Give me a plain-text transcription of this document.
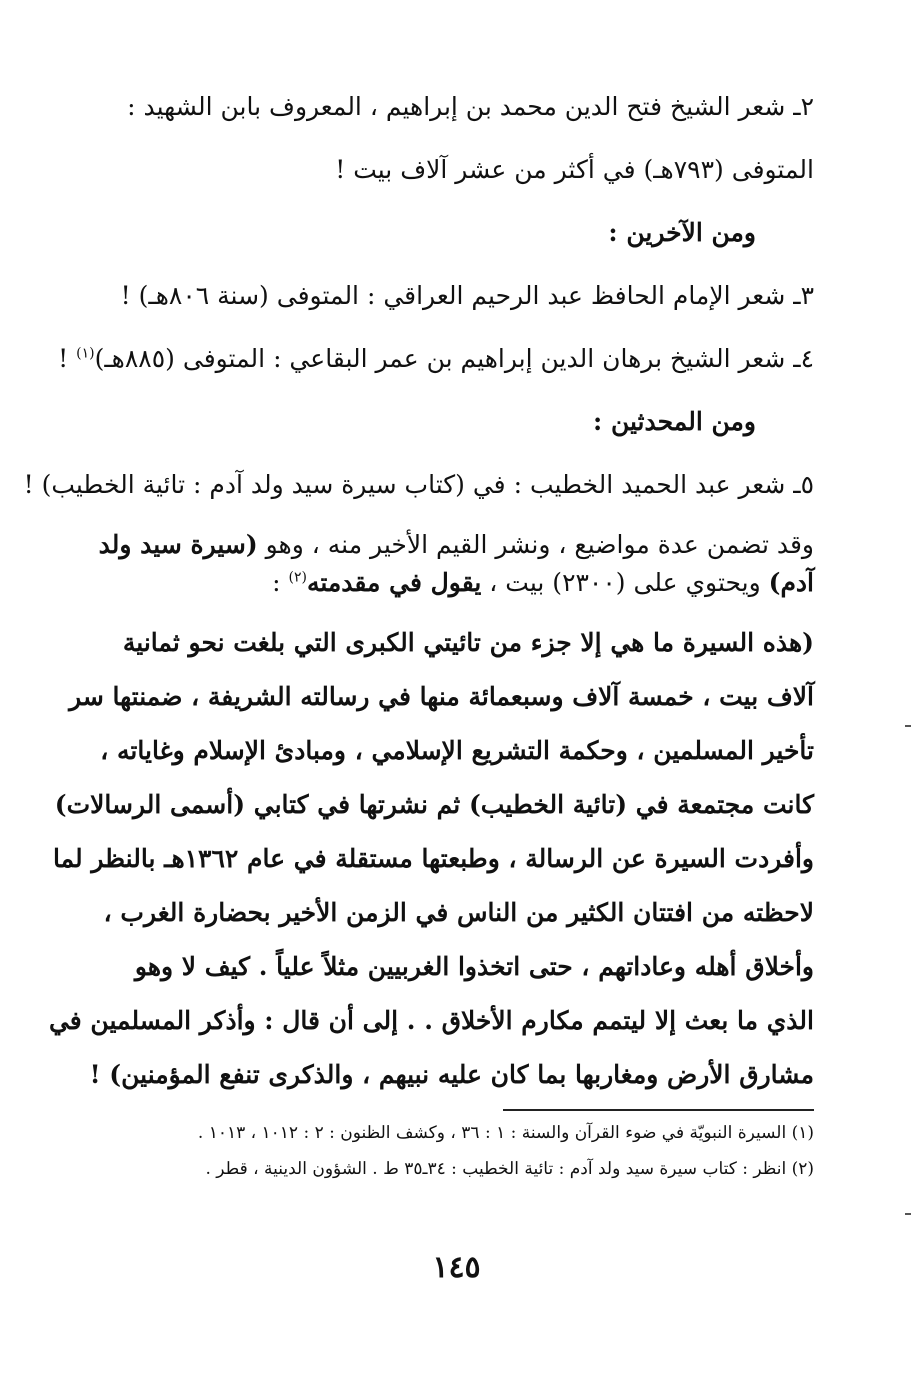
٢ـ شعر الشيخ فتح الدين محمد بن إبراهيم ، المعروف بابن الشهيد :
المتوفى (٧٩٣هـ) في أكثر من عشر آلاف بيت !
ومن الآخرين :
٣ـ شعر الإمام الحافظ عبد الرحيم العراقي : المتوفى (سنة ٨٠٦هـ) !
٤ـ شعر الشيخ برهان الدين إبراهيم بن عمر البقاعي : المتوفى (٨٨٥هـ)$^{(١)}$ !
ومن المحدثين :
٥ـ شعر عبد الحميد الخطيب : في (كتاب سيرة سيد ولد آدم : تائية الخطيب) !
وقد تضمن عدة مواضيع ، ونشر القيم الأخير منه ، وهو (سيرة سيد ولد
آدم) ويحتوي على (٢٣٠٠) بيت ، يقول في مقدمته$^{(٢)}$ :
(هذه السيرة ما هي إلا جزء من تائيتي الكبرى التي بلغت نحو ثمانية
آلاف بيت ، خمسة آلاف وسبعمائة منها في رسالته الشريفة ، ضمنتها سر
تأخير المسلمين ، وحكمة التشريع الإسلامي ، ومبادئ الإسلام وغاياته ،
كانت مجتمعة في (تائية الخطيب) ثم نشرتها في كتابي (أسمى الرسالات)
وأفردت السيرة عن الرسالة ، وطبعتها مستقلة في عام ١٣٦٢هـ بالنظر لما
لاحظته من افتتان الكثير من الناس في الزمن الأخير بحضارة الغرب ،
وأخلاق أهله وعاداتهم ، حتى اتخذوا الغربيين مثلاً علياً . كيف لا وهو
الذي ما بعث إلا ليتمم مكارم الأخلاق . . إلى أن قال : وأذكر المسلمين في
مشارق الأرض ومغاربها بما كان عليه نبيهم ، والذكرى تنفع المؤمنين) !
(١) السيرة النبويّة في ضوء القرآن والسنة : ١ : ٣٦ ، وكشف الظنون : ٢ : ١٠١٢ ، ١٠١٣ .
(٢) انظر : كتاب سيرة سيد ولد آدم : تائية الخطيب : ٣٤ـ٣٥ ط . الشؤون الدينية ، قطر .
١٤٥
